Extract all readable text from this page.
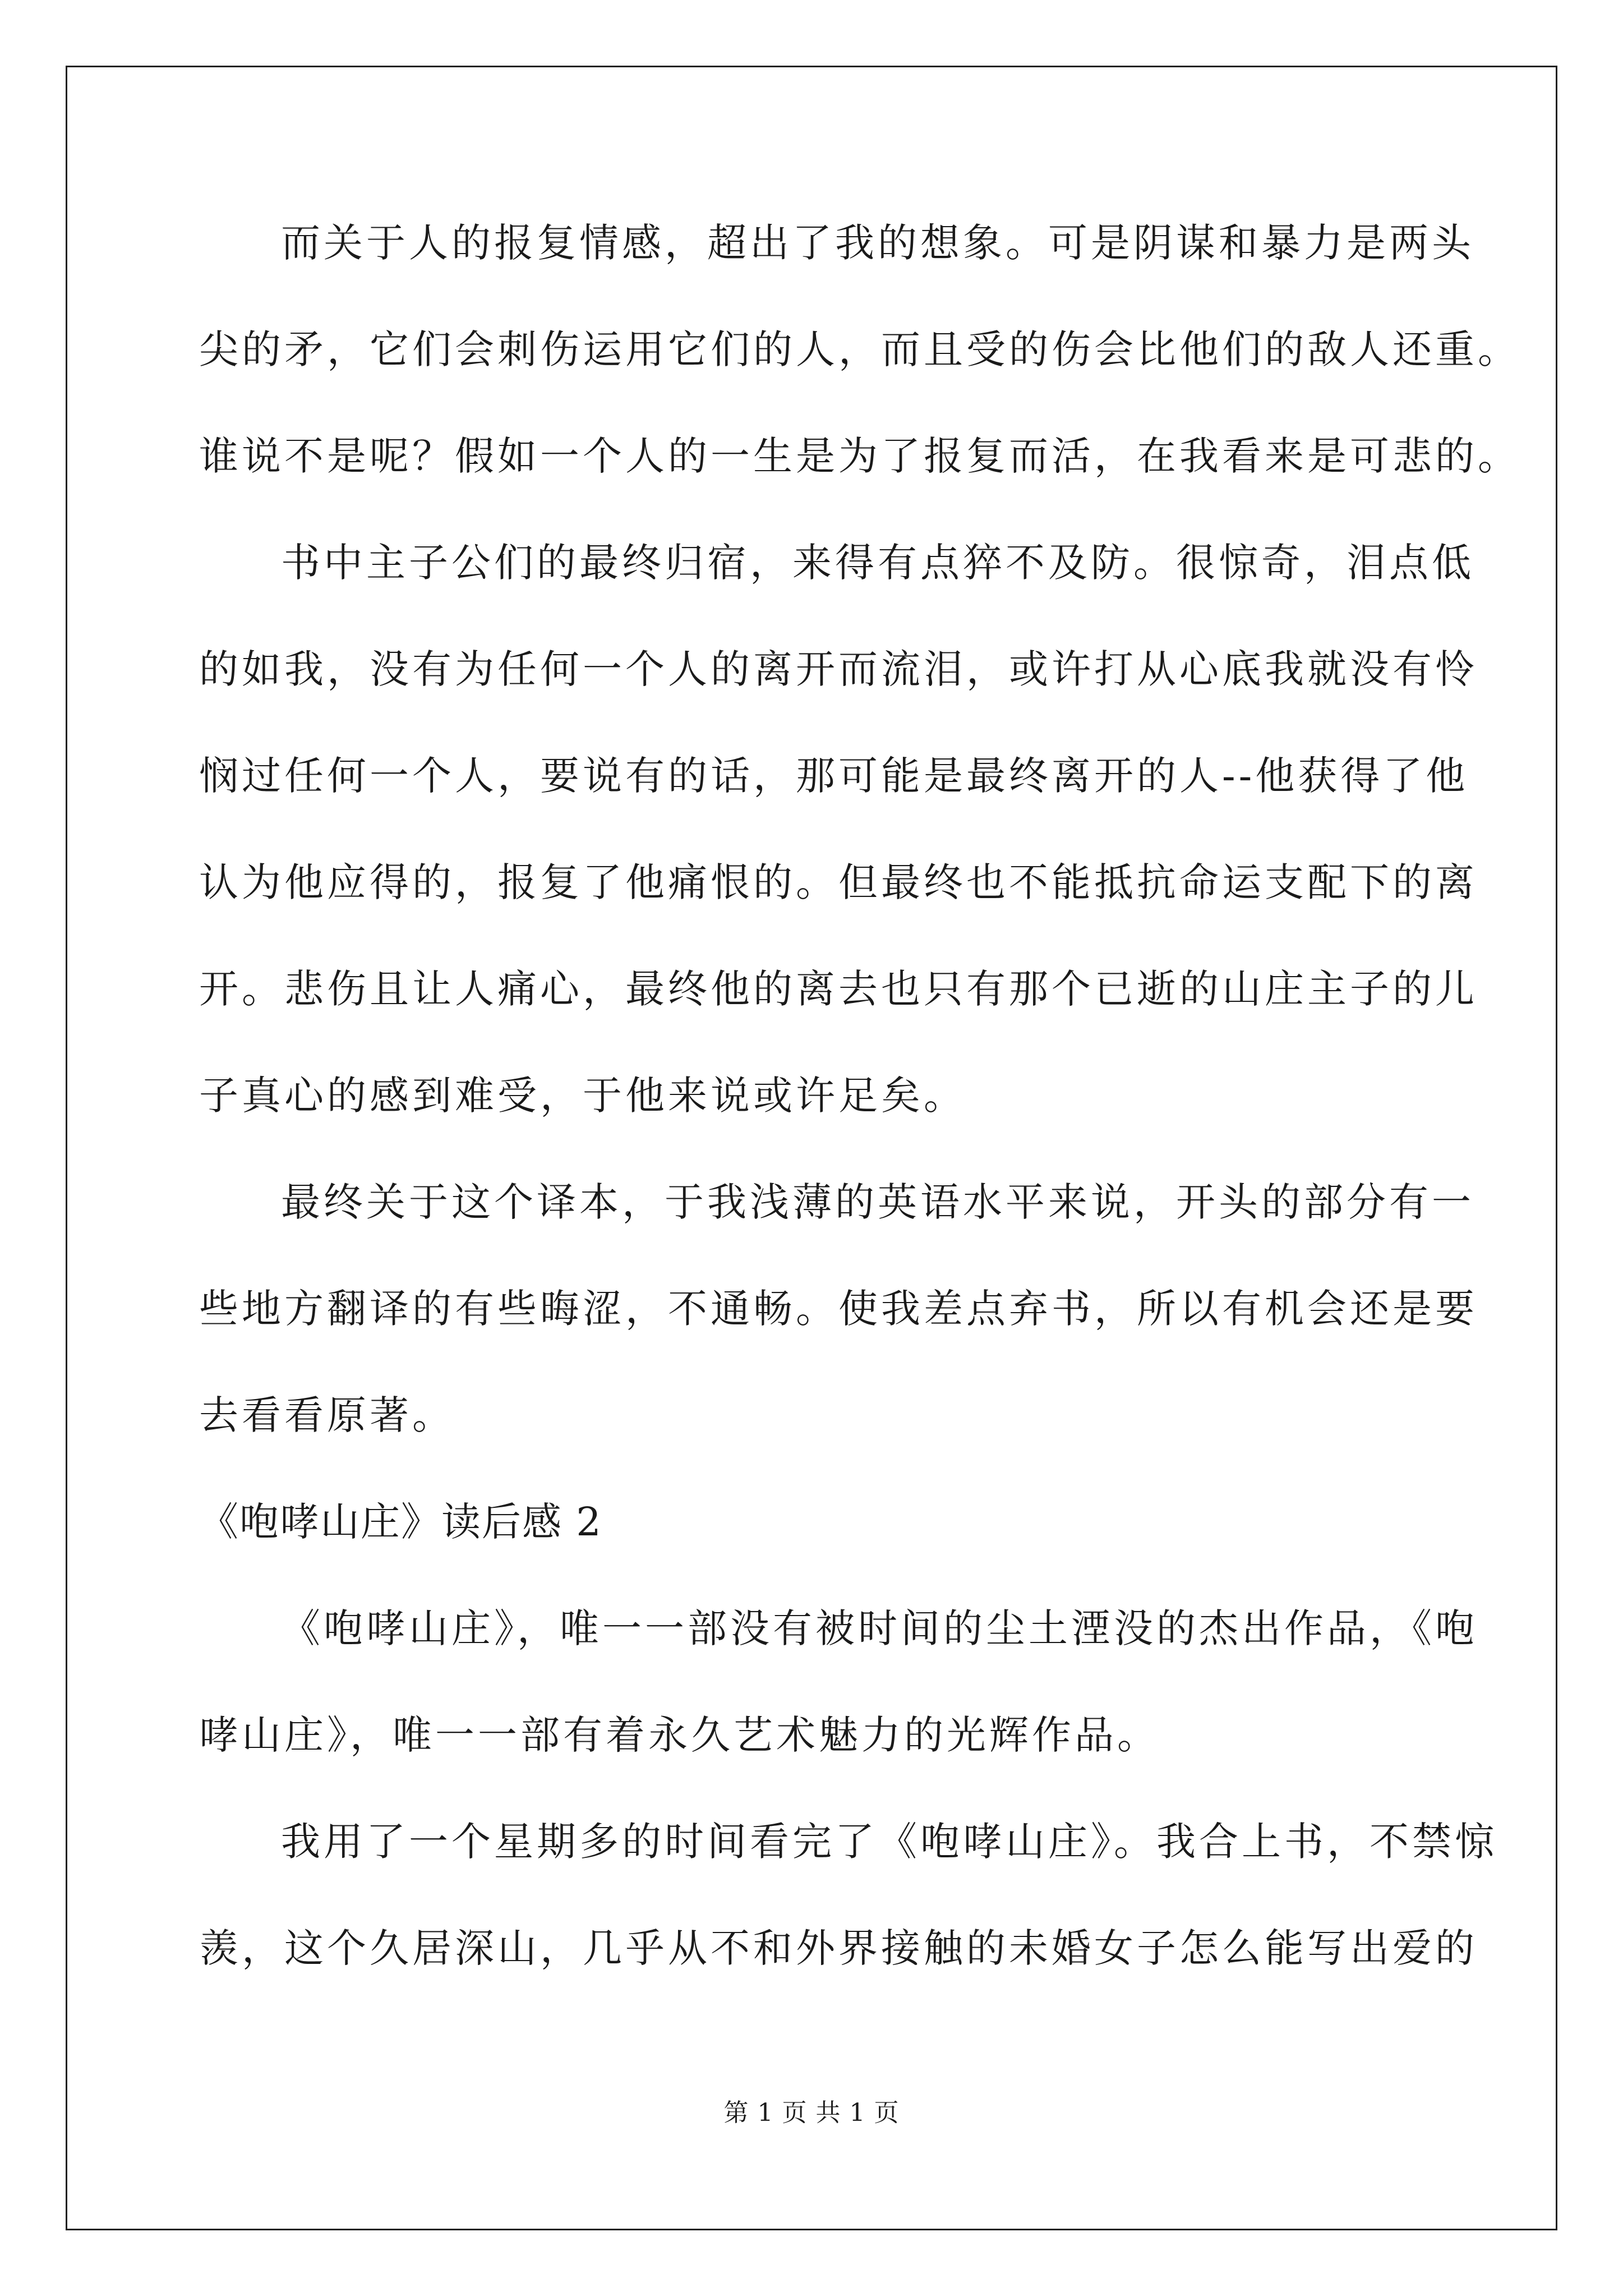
而关于人的报复情感，超出了我的想象。可是阴谋和暴力是两头
尖的矛，它们会刺伤运用它们的人，而且受的伤会比他们的敌人还重。
谁说不是呢？假如一个人的一生是为了报复而活，在我看来是可悲的。
书中主子公们的最终归宿，来得有点猝不及防。很惊奇，泪点低
的如我，没有为任何一个人的离开而流泪，或许打从心底我就没有怜
悯过任何一个人，要说有的话，那可能是最终离开的人--他获得了他
认为他应得的，报复了他痛恨的。但最终也不能抵抗命运支配下的离
开。悲伤且让人痛心，最终他的离去也只有那个已逝的山庄主子的儿
子真心的感到难受，于他来说或许足矣。
最终关于这个译本，于我浅薄的英语水平来说，开头的部分有一
些地方翻译的有些晦涩，不通畅。使我差点弃书，所以有机会还是要
去看看原著。
《咆哮山庄》读后感 2
《咆哮山庄》，唯一一部没有被时间的尘土湮没的杰出作品，《咆
哮山庄》，唯一一部有着永久艺术魅力的光辉作品。
我用了一个星期多的时间看完了《咆哮山庄》。我合上书，不禁惊
羡，这个久居深山，几乎从不和外界接触的未婚女子怎么能写出爱的
第 1 页 共 1 页
